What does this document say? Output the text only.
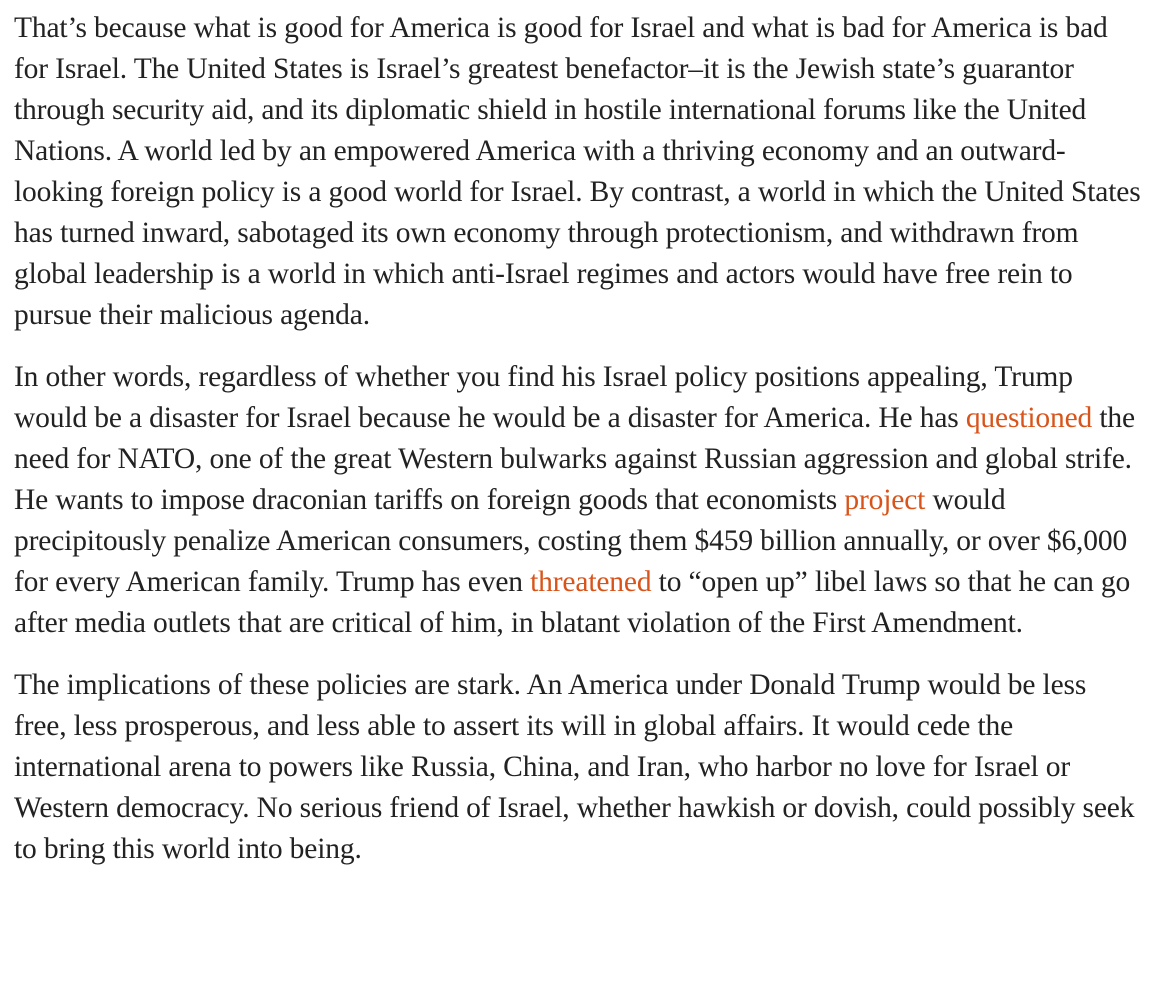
That’s because what is good for America is good for Israel and what is bad for America is bad for Israel. The United States is Israel’s greatest benefactor–it is the Jewish state’s guarantor through security aid, and its diplomatic shield in hostile international forums like the United Nations. A world led by an empowered America with a thriving economy and an outward-looking foreign policy is a good world for Israel. By contrast, a world in which the United States has turned inward, sabotaged its own economy through protectionism, and withdrawn from global leadership is a world in which anti-Israel regimes and actors would have free rein to pursue their malicious agenda.

In other words, regardless of whether you find his Israel policy positions appealing, Trump would be a disaster for Israel because he would be a disaster for America. He has questioned the need for NATO, one of the great Western bulwarks against Russian aggression and global strife. He wants to impose draconian tariffs on foreign goods that economists project would precipitously penalize American consumers, costing them $459 billion annually, or over $6,000 for every American family. Trump has even threatened to “open up” libel laws so that he can go after media outlets that are critical of him, in blatant violation of the First Amendment.

The implications of these policies are stark. An America under Donald Trump would be less free, less prosperous, and less able to assert its will in global affairs. It would cede the international arena to powers like Russia, China, and Iran, who harbor no love for Israel or Western democracy. No serious friend of Israel, whether hawkish or dovish, could possibly seek to bring this world into being.
